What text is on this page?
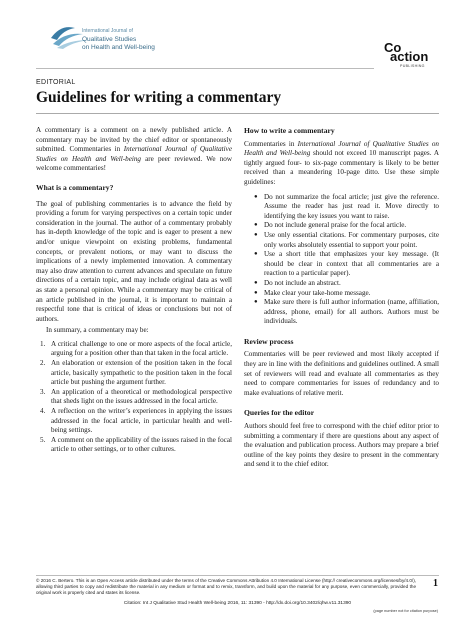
International Journal of
Qualitative Studies
on Health and Well-being	Co
action
PUBLISHING
EDITORIAL
Guidelines for writing a commentary

A commentary is a comment on a newly published article. A commentary may be invited by the chief editor or spontaneously submitted. Commentaries in International Journal of Qualitative Studies on Health and Well-being are peer reviewed. We now welcome commentaries!

What is a commentary?

The goal of publishing commentaries is to advance the field by providing a forum for varying perspectives on a certain topic under consideration in the journal. The author of a commentary probably has in-depth knowledge of the topic and is eager to present a new and/or unique viewpoint on existing problems, fundamental concepts, or prevalent notions, or may want to discuss the implications of a newly implemented innovation. A commentary may also draw attention to current advances and speculate on future directions of a certain topic, and may include original data as well as state a personal opinion. While a commentary may be critical of an article published in the journal, it is important to maintain a respectful tone that is critical of ideas or conclusions but not of authors.

In summary, a commentary may be:

1. A critical challenge to one or more aspects of the focal article, arguing for a position other than that taken in the focal article.
2. An elaboration or extension of the position taken in the focal article, basically sympathetic to the position taken in the focal article but pushing the argument further.
3. An application of a theoretical or methodological perspective that sheds light on the issues addressed in the focal article.
4. A reflection on the writer’s experiences in applying the issues addressed in the focal article, in particular health and well-being settings.
5. A comment on the applicability of the issues raised in the focal article to other settings, or to other cultures.

How to write a commentary

Commentaries in International Journal of Qualitative Studies on Health and Well-being should not exceed 10 manuscript pages. A tightly argued four- to six-page commentary is likely to be better received than a meandering 10-page ditto. Use these simple guidelines:

● Do not summarize the focal article; just give the reference. Assume the reader has just read it. Move directly to identifying the key issues you want to raise.
● Do not include general praise for the focal article.
● Use only essential citations. For commentary purposes, cite only works absolutely essential to support your point.
● Use a short title that emphasizes your key message. (It should be clear in context that all commentaries are a reaction to a particular paper).
● Do not include an abstract.
● Make clear your take-home message.
● Make sure there is full author information (name, affiliation, address, phone, email) for all authors. Authors must be individuals.

Review process

Commentaries will be peer reviewed and most likely accepted if they are in line with the definitions and guidelines outlined. A small set of reviewers will read and evaluate all commentaries as they need to compare commentaries for issues of redundancy and to make evaluations of relative merit.

Queries for the editor

Authors should feel free to correspond with the chief editor prior to submitting a commentary if there are questions about any aspect of the evaluation and publication process. Authors may prepare a brief outline of the key points they desire to present in the commentary and send it to the chief editor.

© 2016 C. Bertero. This is an Open Access article distributed under the terms of the Creative Commons Attribution 4.0 International License (http:// creativecommons.org/licenses/by/4.0/), allowing third parties to copy and redistribute the material in any medium or format and to remix, transform, and build upon the material for any purpose, even commercially, provided the original work is properly cited and states its license.
1
Citation: Int J Qualitative Stud Health Well-being 2016, 11: 31390 - http://dx.doi.org/10.3402/qhw.v11.31390
(page number not for citation purpose)
